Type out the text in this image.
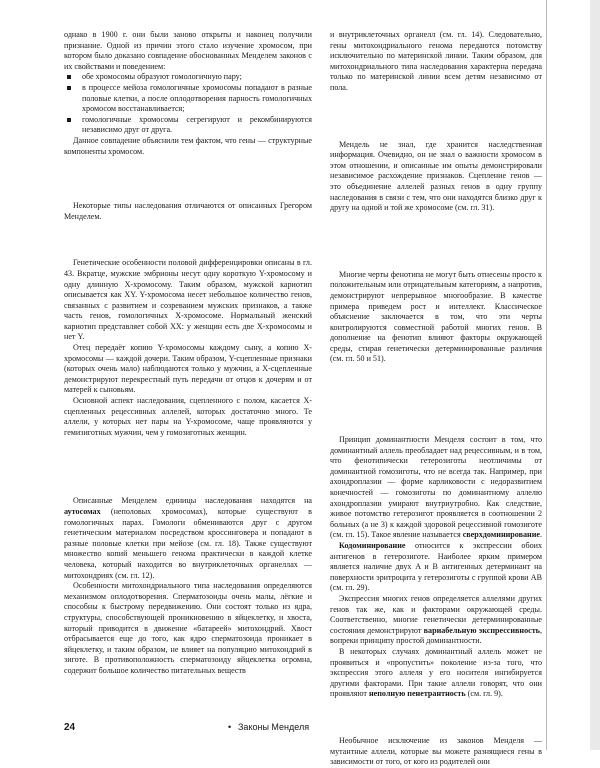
однако в 1900 г. они были заново открыты и наконец получили признание. Одной из причин этого стало изучение хромосом, при котором было доказано совпадение обоснованных Менделем законов с их свойствами и поведением:

обе хромосомы образуют гомологичную пару;
в процессе мейоза гомологичные хромосомы попадают в разные половые клетки, а после оплодотворения парность гомологичных хромосом восстанавливается;
гомологичные хромосомы сегрегируют и рекомбинируются независимо друг от друга.

Данное совпадение объяснили тем фактом, что гены — структурные компоненты хромосом.

Некоторые типы наследования отличаются от описанных Грегором Менделем.

Генетические особенности половой дифференцировки описаны в гл. 43. Вкратце, мужские эмбрионы несут одну короткую Y-хромосому и одну длинную X-хромосому. Таким образом, мужской кариотип описывается как XY. Y-хромосома несет небольшое количество генов, связанных с развитием и созреванием мужских признаков, а также часть генов, гомологичных X-хромосоме. Нормальный женский кариотип представляет собой XX: у женщин есть две X-хромосомы и нет Y.

Отец передаёт копию Y-хромосомы каждому сыну, а копию X-хромосомы — каждой дочери. Таким образом, Y-сцепленные признаки (которых очень мало) наблюдаются только у мужчин, а X-сцепленные демонстрируют перекрестный путь передачи от отцов к дочерям и от матерей к сыновьям.

Основной аспект наследования, сцепленного с полом, касается X-сцепленных рецессивных аллелей, которых достаточно много. Те аллели, у которых нет пары на Y-хромосоме, чаще проявляются у гемизиготных мужчин, чем у гомозиготных женщин.

Описанные Менделем единицы наследования находятся на аутосомах (неполовых хромосомах), которые существуют в гомологичных парах. Гомологи обмениваются друг с другом генетическим материалом посредством кроссинговера и попадают в разные половые клетки при мейозе (см. гл. 18). Также существуют множество копий меньшего генома практически в каждой клетке человека, который находится во внутриклеточных органеллах — митохондриях (см. гл. 12).

Особенности митохондриального типа наследования определяются механизмом оплодотворения. Сперматозоиды очень малы, лёгкие и способны к быстрому передвижению. Они состоят только из ядра, структуры, способствующей проникновению в яйцеклетку, и хвоста, который приводится в движение «батареей» митохондрий. Хвост отбрасывается еще до того, как ядро сперматозоида проникает в яйцеклетку, и таким образом, не влияет на популяцию митохондрий в зиготе. В противоположность сперматозоиду яйцеклетка огромна, содержит большое количество питательных веществ

и внутриклеточных органелл (см. гл. 14). Следовательно, гены митохондриального генома передаются потомству исключительно по материнской линии. Таким образом, для митохондриального типа наследования характерна передача только по материнской линии всем детям независимо от пола.

Мендель не знал, где хранится наследственная информация. Очевидно, он не знал о важности хромосом в этом отношении, и описанные им опыты демонстрировали независимое расхождение признаков. Сцепление генов — это объединение аллелей разных генов в одну группу наследования в связи с тем, что они находятся близко друг к другу на одной и той же хромосоме (см. гл. 31).

Многие черты фенотипа не могут быть отнесены просто к положительным или отрицательным категориям, а напротив, демонстрируют непрерывное многообразие. В качестве примера приведем рост и интеллект. Классическое объяснение заключается в том, что эти черты контролируются совместной работой многих генов. В дополнение на фенотип влияют факторы окружающей среды, стирая генетически детерминированные различия (см. гл. 50 и 51).

Принцип доминантности Менделя состоит в том, что доминантный аллель преобладает над рецессивным, и в том, что фенотипически гетерозиготы неотличимы от доминантной гомозиготы, что не всегда так. Например, при ахондроплазии — форме карликовости с недоразвитием конечностей — гомозиготы по доминантному аллелю ахондроплазии умирают внутриутробно. Как следствие, живое потомство гетерозигот проявляется в соотношении 2 больных (а не 3) к каждой здоровой рецессивной гомозиготе (см. гл. 15). Такое явление называется сверхдоминирование.

Кодоминирование относится к экспрессии обоих антигенов в гетерозиготе. Наиболее ярким примером является наличие двух A и B антигенных детерминант на поверхности эритроцита у гетерозиготы с группой крови AB (см. гл. 29).

Экспрессия многих генов определяется аллелями других генов так же, как и факторами окружающей среды. Соответственно, многие генетически детерминированные состояния демонстрируют вариабельную экспрессивность, вопреки принципу простой доминантности.

В некоторых случаях доминантный аллель может не проявиться и «пропустить» поколение из-за того, что экспрессия этого аллеля у его носителя ингибируется другими факторами. При такие аллели говорят, что они проявляют неполную пенетрантность (см. гл. 9).

Необычное исключение из законов Менделя — мутантные аллели, которые вы можете разнящиеся гены в зависимости от того, от кого из родителей они

24	• Законы Менделя
